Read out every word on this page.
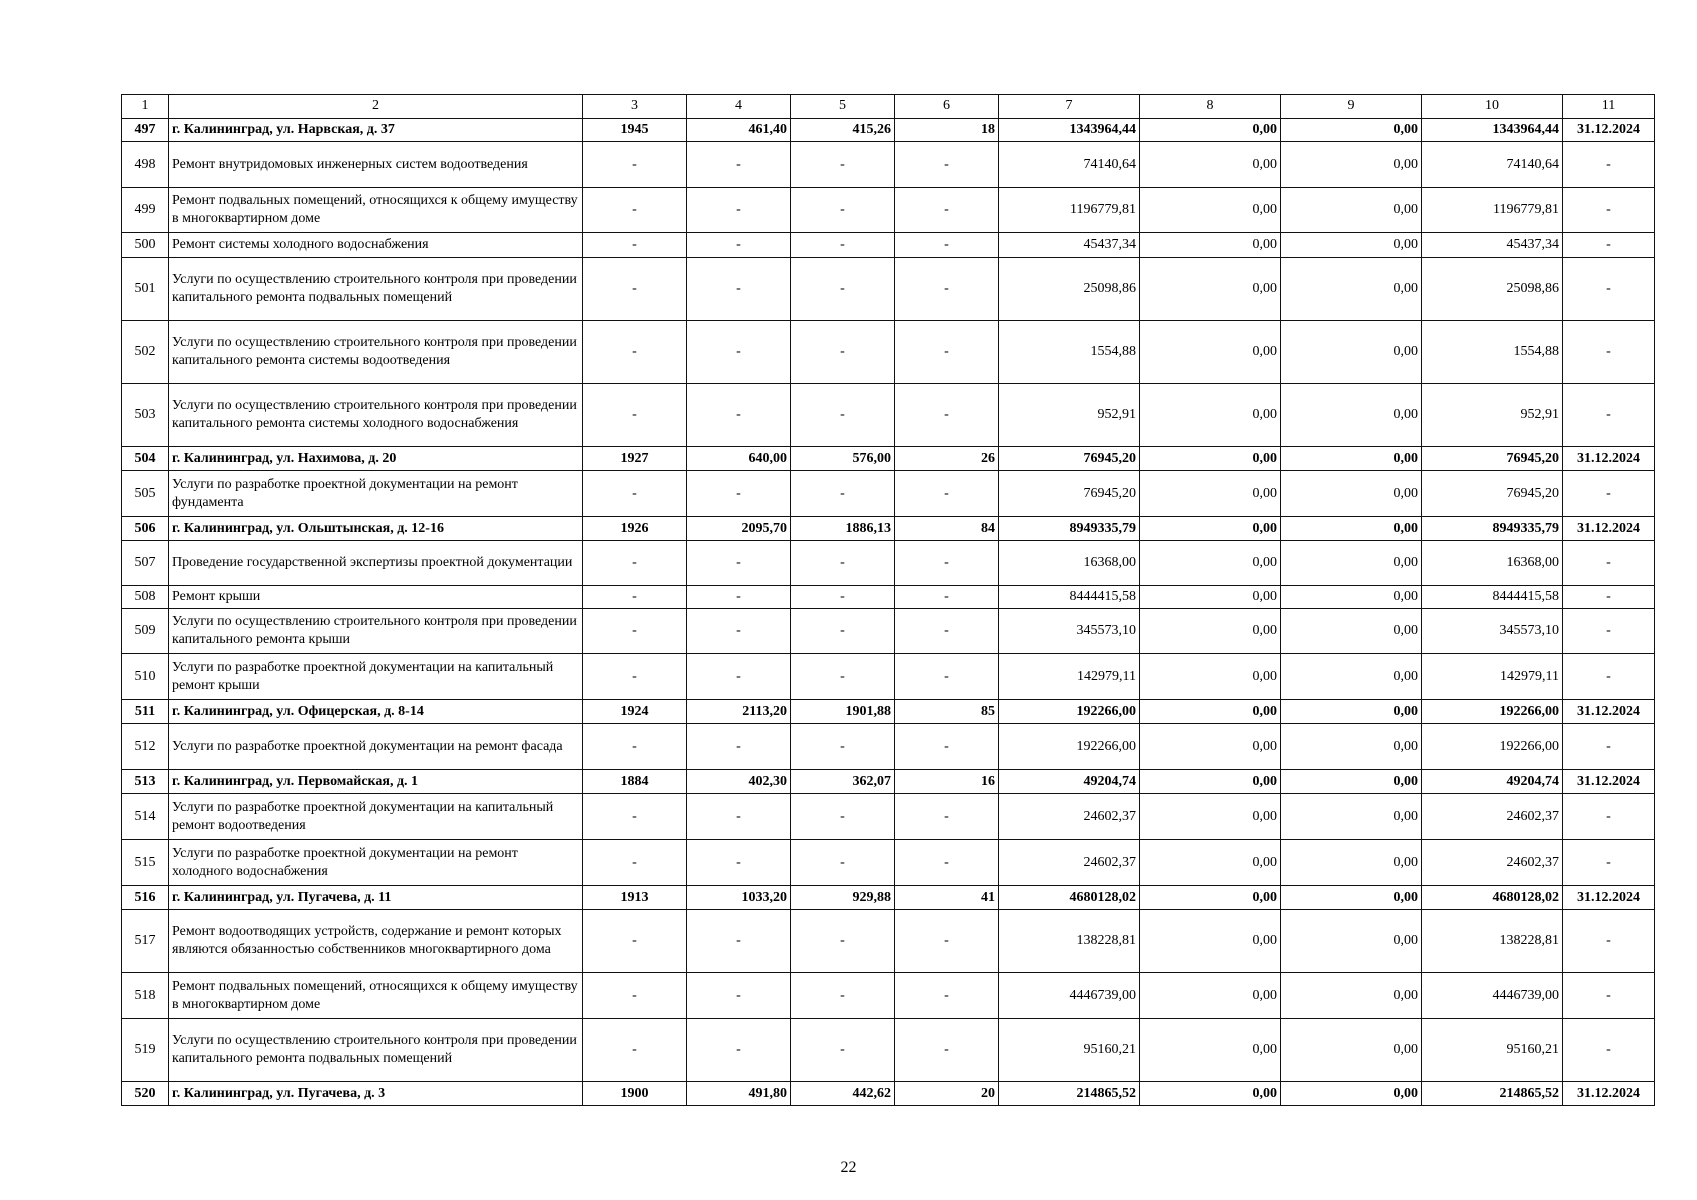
1	2	3	4	5	6	7	8	9	10	11
497	г. Калининград, ул. Нарвская, д. 37	1945	461,40	415,26	18	1343964,44	0,00	0,00	1343964,44	31.12.2024
498	Ремонт внутридомовых инженерных систем водоотведения	-	-	-	-	74140,64	0,00	0,00	74140,64	-
499	Ремонт подвальных помещений, относящихся к общему имуществу в многоквартирном доме	-	-	-	-	1196779,81	0,00	0,00	1196779,81	-
500	Ремонт системы холодного водоснабжения	-	-	-	-	45437,34	0,00	0,00	45437,34	-
501	Услуги по осуществлению строительного контроля при проведении капитального ремонта подвальных помещений	-	-	-	-	25098,86	0,00	0,00	25098,86	-
502	Услуги по осуществлению строительного контроля при проведении капитального ремонта системы водоотведения	-	-	-	-	1554,88	0,00	0,00	1554,88	-
503	Услуги по осуществлению строительного контроля при проведении капитального ремонта системы холодного водоснабжения	-	-	-	-	952,91	0,00	0,00	952,91	-
504	г. Калининград, ул. Нахимова, д. 20	1927	640,00	576,00	26	76945,20	0,00	0,00	76945,20	31.12.2024
505	Услуги по разработке проектной документации на ремонт фундамента	-	-	-	-	76945,20	0,00	0,00	76945,20	-
506	г. Калининград, ул. Ольштынская, д. 12-16	1926	2095,70	1886,13	84	8949335,79	0,00	0,00	8949335,79	31.12.2024
507	Проведение государственной экспертизы проектной документации	-	-	-	-	16368,00	0,00	0,00	16368,00	-
508	Ремонт крыши	-	-	-	-	8444415,58	0,00	0,00	8444415,58	-
509	Услуги по осуществлению строительного контроля при проведении капитального ремонта крыши	-	-	-	-	345573,10	0,00	0,00	345573,10	-
510	Услуги по разработке проектной документации на капитальный ремонт крыши	-	-	-	-	142979,11	0,00	0,00	142979,11	-
511	г. Калининград, ул. Офицерская, д. 8-14	1924	2113,20	1901,88	85	192266,00	0,00	0,00	192266,00	31.12.2024
512	Услуги по разработке проектной документации на ремонт фасада	-	-	-	-	192266,00	0,00	0,00	192266,00	-
513	г. Калининград, ул. Первомайская, д. 1	1884	402,30	362,07	16	49204,74	0,00	0,00	49204,74	31.12.2024
514	Услуги по разработке проектной документации на капитальный ремонт водоотведения	-	-	-	-	24602,37	0,00	0,00	24602,37	-
515	Услуги по разработке проектной документации на ремонт холодного водоснабжения	-	-	-	-	24602,37	0,00	0,00	24602,37	-
516	г. Калининград, ул. Пугачева, д. 11	1913	1033,20	929,88	41	4680128,02	0,00	0,00	4680128,02	31.12.2024
517	Ремонт водоотводящих устройств, содержание и ремонт которых являются обязанностью собственников многоквартирного дома	-	-	-	-	138228,81	0,00	0,00	138228,81	-
518	Ремонт подвальных помещений, относящихся к общему имуществу в многоквартирном доме	-	-	-	-	4446739,00	0,00	0,00	4446739,00	-
519	Услуги по осуществлению строительного контроля при проведении капитального ремонта подвальных помещений	-	-	-	-	95160,21	0,00	0,00	95160,21	-
520	г. Калининград, ул. Пугачева, д. 3	1900	491,80	442,62	20	214865,52	0,00	0,00	214865,52	31.12.2024
22
